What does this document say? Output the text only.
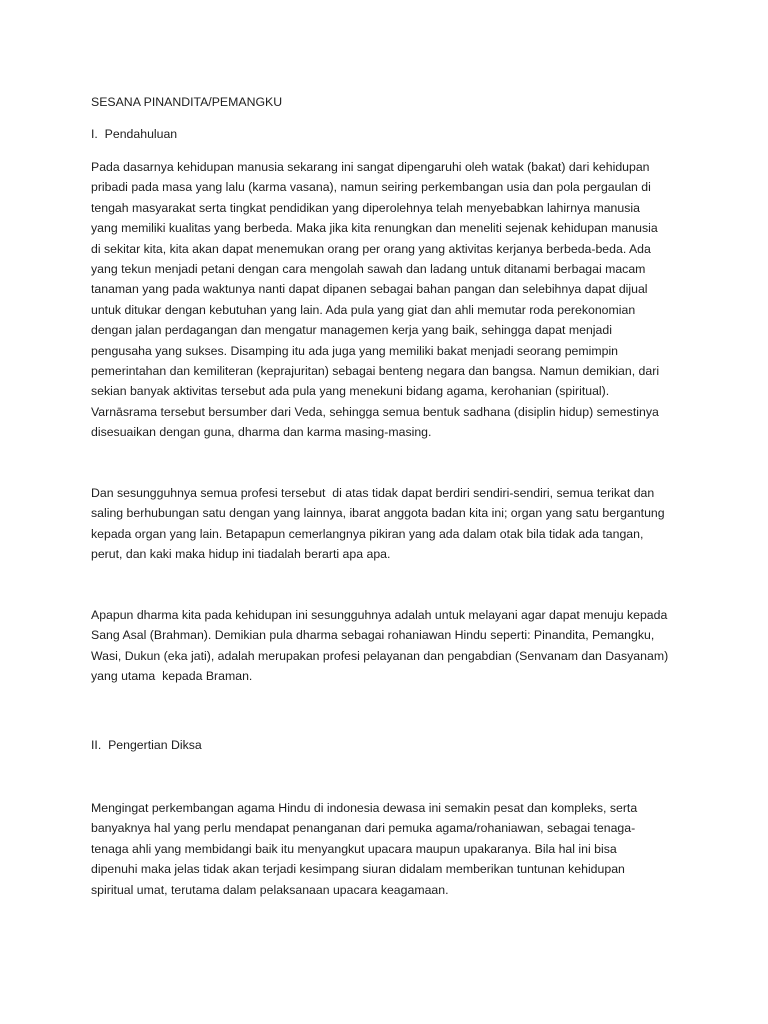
SESANA PINANDITA/PEMANGKU
I.  Pendahuluan
Pada dasarnya kehidupan manusia sekarang ini sangat dipengaruhi oleh watak (bakat) dari kehidupan
pribadi pada masa yang lalu (karma vasana), namun seiring perkembangan usia dan pola pergaulan di
tengah masyarakat serta tingkat pendidikan yang diperolehnya telah menyebabkan lahirnya manusia
yang memiliki kualitas yang berbeda. Maka jika kita renungkan dan meneliti sejenak kehidupan manusia
di sekitar kita, kita akan dapat menemukan orang per orang yang aktivitas kerjanya berbeda-beda. Ada
yang tekun menjadi petani dengan cara mengolah sawah dan ladang untuk ditanami berbagai macam
tanaman yang pada waktunya nanti dapat dipanen sebagai bahan pangan dan selebihnya dapat dijual
untuk ditukar dengan kebutuhan yang lain. Ada pula yang giat dan ahli memutar roda perekonomian
dengan jalan perdagangan dan mengatur managemen kerja yang baik, sehingga dapat menjadi
pengusaha yang sukses. Disamping itu ada juga yang memiliki bakat menjadi seorang pemimpin
pemerintahan dan kemiliteran (keprajuritan) sebagai benteng negara dan bangsa. Namun demikian, dari
sekian banyak aktivitas tersebut ada pula yang menekuni bidang agama, kerohanian (spiritual).
Varnāsrama tersebut bersumber dari Veda, sehingga semua bentuk sadhana (disiplin hidup) semestinya
disesuaikan dengan guna, dharma dan karma masing-masing.
Dan sesungguhnya semua profesi tersebut  di atas tidak dapat berdiri sendiri-sendiri, semua terikat dan
saling berhubungan satu dengan yang lainnya, ibarat anggota badan kita ini; organ yang satu bergantung
kepada organ yang lain. Betapapun cemerlangnya pikiran yang ada dalam otak bila tidak ada tangan,
perut, dan kaki maka hidup ini tiadalah berarti apa apa.
Apapun dharma kita pada kehidupan ini sesungguhnya adalah untuk melayani agar dapat menuju kepada
Sang Asal (Brahman). Demikian pula dharma sebagai rohaniawan Hindu seperti: Pinandita, Pemangku,
Wasi, Dukun (eka jati), adalah merupakan profesi pelayanan dan pengabdian (Senvanam dan Dasyanam)
yang utama  kepada Braman.
II.  Pengertian Diksa
Mengingat perkembangan agama Hindu di indonesia dewasa ini semakin pesat dan kompleks, serta
banyaknya hal yang perlu mendapat penanganan dari pemuka agama/rohaniawan, sebagai tenaga-
tenaga ahli yang membidangi baik itu menyangkut upacara maupun upakaranya. Bila hal ini bisa
dipenuhi maka jelas tidak akan terjadi kesimpang siuran didalam memberikan tuntunan kehidupan
spiritual umat, terutama dalam pelaksanaan upacara keagamaan.
